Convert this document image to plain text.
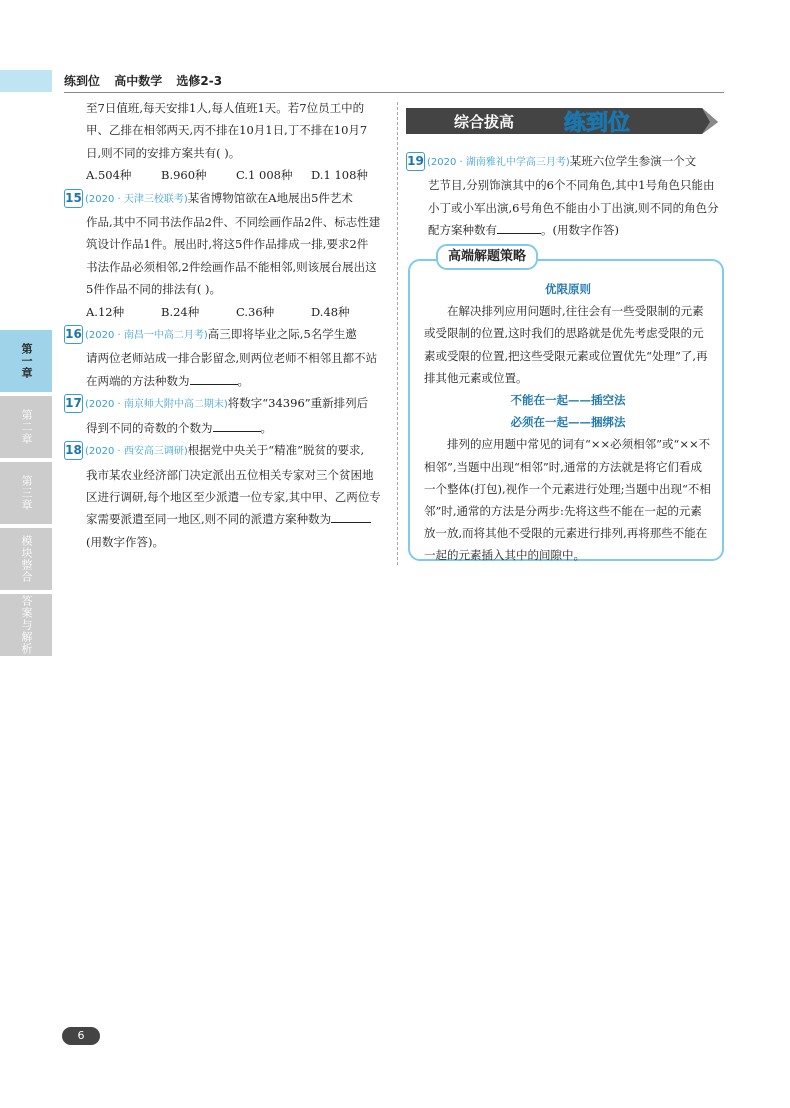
第一章
第二章
第三章
模块整合
答案与解析
练到位 高中数学 选修2-3

至7日值班,每天安排1人,每人值班1天。若7位员工中的

甲、乙排在相邻两天,丙不排在10月1日,丁不排在10月7

日,则不同的安排方案共有( )。

A.504种	B.960种	C.1 008种	D.1 108种

15 (2020 · 天津三校联考)某省博物馆欲在A地展出5件艺术

作品,其中不同书法作品2件、不同绘画作品2件、标志性建

筑设计作品1件。展出时,将这5件作品排成一排,要求2件

书法作品必须相邻,2件绘画作品不能相邻,则该展台展出这

5件作品不同的排法有( )。

A.12种	B.24种	C.36种	D.48种

16 (2020 · 南昌一中高二月考)高三即将毕业之际,5名学生邀

请两位老师站成一排合影留念,则两位老师不相邻且都不站

在两端的方法种数为	。

17 (2020 · 南京师大附中高二期末)将数字“34396”重新排列后

得到不同的奇数的个数为	。

18 (2020 · 西安高三调研)根据党中央关于“精准”脱贫的要求,

我市某农业经济部门决定派出五位相关专家对三个贫困地

区进行调研,每个地区至少派遣一位专家,其中甲、乙两位专

家需要派遣至同一地区,则不同的派遣方案种数为

(用数字作答)。

综合拔高 练到位

19 (2020 · 湖南雅礼中学高三月考)某班六位学生参演一个文

艺节目,分别饰演其中的6个不同角色,其中1号角色只能由

小丁或小军出演,6号角色不能由小丁出演,则不同的角色分

配方案种数有	。(用数字作答)

高端解题策略

优限原则

在解决排列应用问题时,往往会有一些受限制的元素或受限制的位置,这时我们的思路就是优先考虑受限的元素或受限的位置,把这些受限元素或位置优先“处理”了,再排其他元素或位置。

不能在一起——插空法

必须在一起——捆绑法

排列的应用题中常见的词有“××必须相邻”或“××不相邻”,当题中出现“相邻”时,通常的方法就是将它们看成一个整体(打包),视作一个元素进行处理;当题中出现“不相邻”时,通常的方法是分两步:先将这些不能在一起的元素放一放,而将其他不受限的元素进行排列,再将那些不能在一起的元素插入其中的间隙中。

6
